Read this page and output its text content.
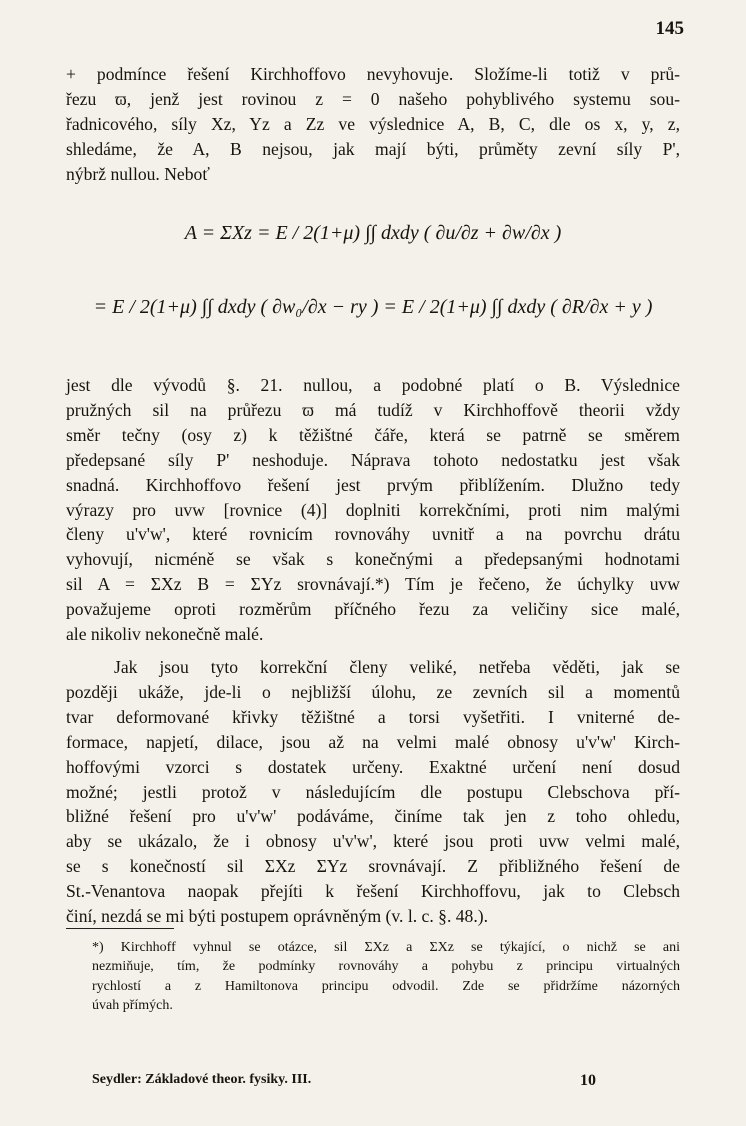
145
+ podmínce řešení Kirchhoffovo nevyhovuje. Složíme-li totiž v prů-
řezu ϖ, jenž jest rovinou z = 0 našeho pohyblivého systemu sou-
řadnicového, síly Xz, Yz a Zz ve výslednice A, B, C, dle os x, y, z,
shledáme, že A, B nejsou, jak mají býti, průměty zevní síly P',
nýbrž nullou. Neboť
A = ΣXz = E / 2(1+μ) ∫∫ dxdy ( ∂u/∂z + ∂w/∂x )
= E / 2(1+μ) ∫∫ dxdy ( ∂w₀/∂x − ry ) = E / 2(1+μ) ∫∫ dxdy ( ∂R/∂x + y )
jest dle vývodů §. 21. nullou, a podobné platí o B. Výslednice
pružných sil na průřezu ϖ má tudíž v Kirchhoffově theorii vždy
směr tečny (osy z) k těžištné čáře, která se patrně se směrem
předepsané síly P' neshoduje. Náprava tohoto nedostatku jest však
snadná. Kirchhoffovo řešení jest prvým přiblížením. Dlužno tedy
výrazy pro uvw [rovnice (4)] doplniti korrekčními, proti nim malými
členy u'v'w', které rovnicím rovnováhy uvnitř a na povrchu drátu
vyhovují, nicméně se však s konečnými a předepsanými hodnotami
sil A = ΣXz B = ΣYz srovnávají.*) Tím je řečeno, že úchylky uvw
považujeme oproti rozměrům příčného řezu za veličiny sice malé,
ale nikoliv nekonečně malé.
Jak jsou tyto korrekční členy veliké, netřeba věděti, jak se
později ukáže, jde-li o nejbližší úlohu, ze zevních sil a momentů
tvar deformované křivky těžištné a torsi vyšetřiti. I vniterné de-
formace, napjetí, dilace, jsou až na velmi malé obnosy u'v'w' Kirch-
hoffovými vzorci s dostatek určeny. Exaktné určení není dosud
možné; jestli protož v následujícím dle postupu Clebschova pří-
bližné řešení pro u'v'w' podáváme, činíme tak jen z toho ohledu,
aby se ukázalo, že i obnosy u'v'w', které jsou proti uvw velmi malé,
se s konečností sil ΣXz ΣYz srovnávají. Z přibližného řešení de
St.-Venantova naopak přejíti k řešení Kirchhoffovu, jak to Clebsch
činí, nezdá se mi býti postupem oprávněným (v. l. c. §. 48.).
*) Kirchhoff vyhnul se otázce, sil ΣXz a ΣXz se týkající, o nichž se ani
nezmiňuje, tím, že podmínky rovnováhy a pohybu z principu virtualných
rychlostí a z Hamiltonova principu odvodil. Zde se přidržíme názorných
úvah přímých.
Seydler: Základové theor. fysiky. III.	10
